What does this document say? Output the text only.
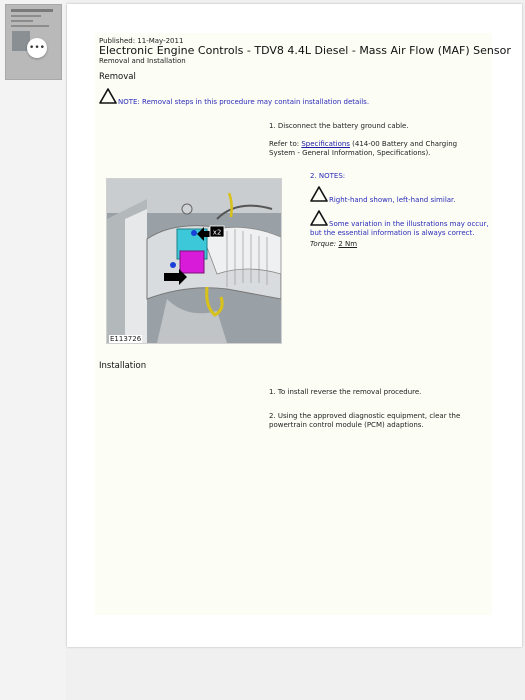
•••
Published: 11-May-2011
Electronic Engine Controls - TDV8 4.4L Diesel - Mass Air Flow (MAF) Sensor
Removal and Installation
Removal
NOTE: Removal steps in this procedure may contain installation details.
1. Disconnect the battery ground cable.
Refer to: Specifications (414-00 Battery and Charging System - General Information, Specifications).
x2
E113726
2. NOTES:
Right-hand shown, left-hand similar.
Some variation in the illustrations may occur, but the essential information is always correct.
Torque: 2 Nm
Installation
1. To install reverse the removal procedure.
2. Using the approved diagnostic equipment, clear the powertrain control module (PCM) adaptions.
